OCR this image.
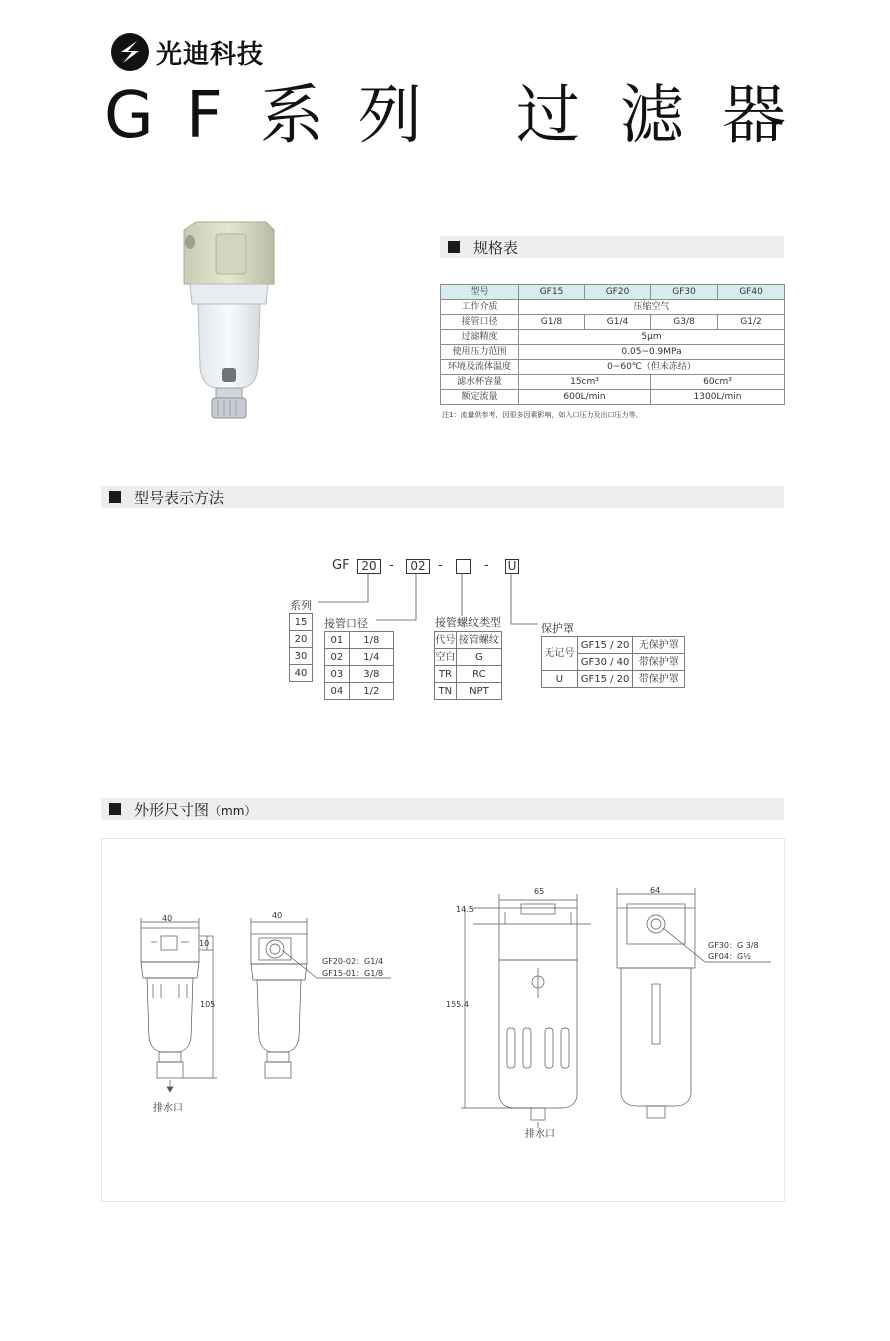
光迪科技
G F 系 列 过 滤 器
规格表
型号	GF15	GF20	GF30	GF40
工作介质	压缩空气			
接管口径	G1/8	G1/4	G3/8	G1/2
过滤精度	5μm			
使用压力范围	0.05~0.9MPa			
环境及流体温度	0~60℃（但未冻结）			
滤水杯容量	15cm³		60cm³	
额定流量	600L/min		1300L/min	
注1：流量供参考，因很多因素影响，如入口压力及出口压力等。
型号表示方法
GF 20 -	02 -	- U
系列
15
20
30
40
接管口径
01	1/8
02	1/4
03	3/8
04	1/2
接管螺纹类型
代号	接管螺纹
空白	G
TR	RC
TN	NPT
保护罩
无记号	GF15 / 20	无保护罩
	GF30 / 40	带保护罩
U	GF15 / 20	带保护罩
外形尺寸图（mm）
40
10
105
40
GF20-02：G1/4
GF15-01：G1/8
排水口
65	64
14.5
155.4
GF30：G 3/8
GF04：G½
排水口
